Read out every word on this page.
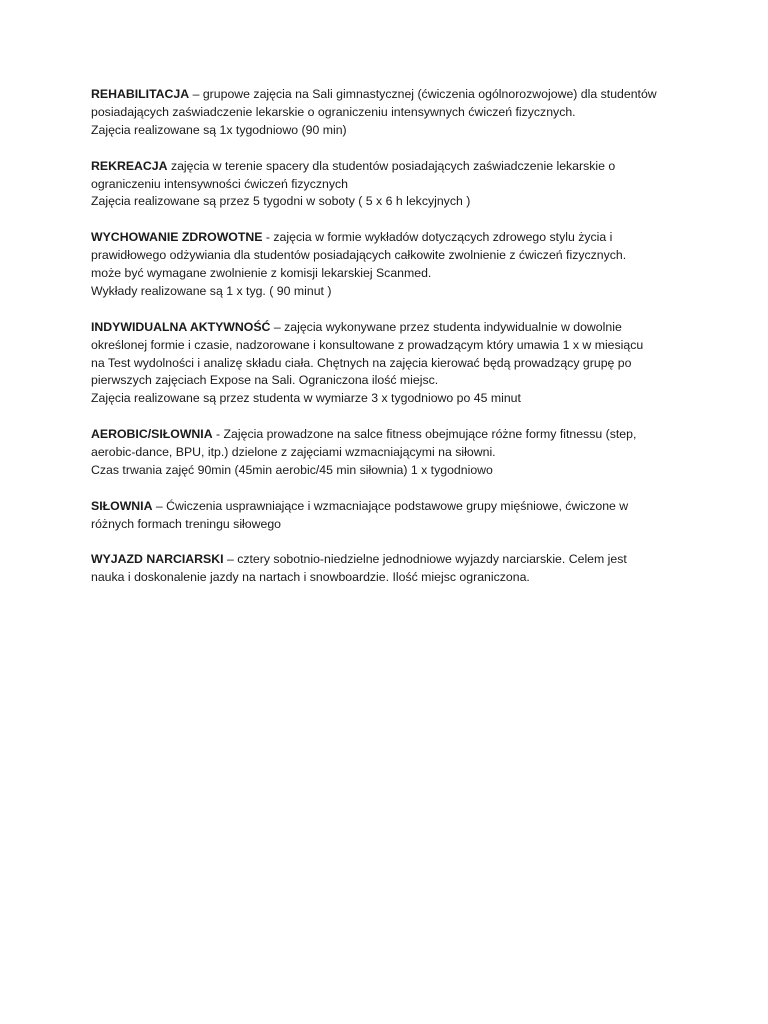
REHABILITACJA – grupowe zajęcia na Sali gimnastycznej (ćwiczenia ogólnorozwojowe) dla studentów
posiadających zaświadczenie lekarskie o ograniczeniu intensywnych ćwiczeń fizycznych.
Zajęcia realizowane są 1x tygodniowo (90 min)

REKREACJA zajęcia w terenie spacery dla studentów posiadających zaświadczenie lekarskie o
ograniczeniu intensywności ćwiczeń fizycznych
Zajęcia realizowane są przez 5 tygodni w soboty ( 5 x 6 h lekcyjnych )

WYCHOWANIE ZDROWOTNE - zajęcia w formie wykładów dotyczących zdrowego stylu życia i
prawidłowego odżywiania dla studentów posiadających całkowite zwolnienie z ćwiczeń fizycznych.
może być wymagane zwolnienie z komisji lekarskiej Scanmed.
Wykłady realizowane są 1 x tyg. ( 90 minut )

INDYWIDUALNA AKTYWNOŚĆ – zajęcia wykonywane przez studenta indywidualnie w dowolnie
określonej formie i czasie, nadzorowane i konsultowane z prowadzącym który umawia 1 x w miesiącu
na Test wydolności i analizę składu ciała. Chętnych na zajęcia kierować będą prowadzący grupę po
pierwszych zajęciach Expose na Sali. Ograniczona ilość miejsc.
Zajęcia realizowane są przez studenta w wymiarze 3 x tygodniowo po 45 minut

AEROBIC/SIŁOWNIA - Zajęcia prowadzone na salce fitness obejmujące różne formy fitnessu (step,
aerobic-dance, BPU, itp.) dzielone z zajęciami wzmacniającymi na siłowni.
Czas trwania zajęć 90min (45min aerobic/45 min siłownia) 1 x tygodniowo

SIŁOWNIA – Ćwiczenia usprawniające i wzmacniające podstawowe grupy mięśniowe, ćwiczone w
różnych formach treningu siłowego

WYJAZD NARCIARSKI – cztery sobotnio-niedzielne jednodniowe wyjazdy narciarskie. Celem jest
nauka i doskonalenie jazdy na nartach i snowboardzie. Ilość miejsc ograniczona.
